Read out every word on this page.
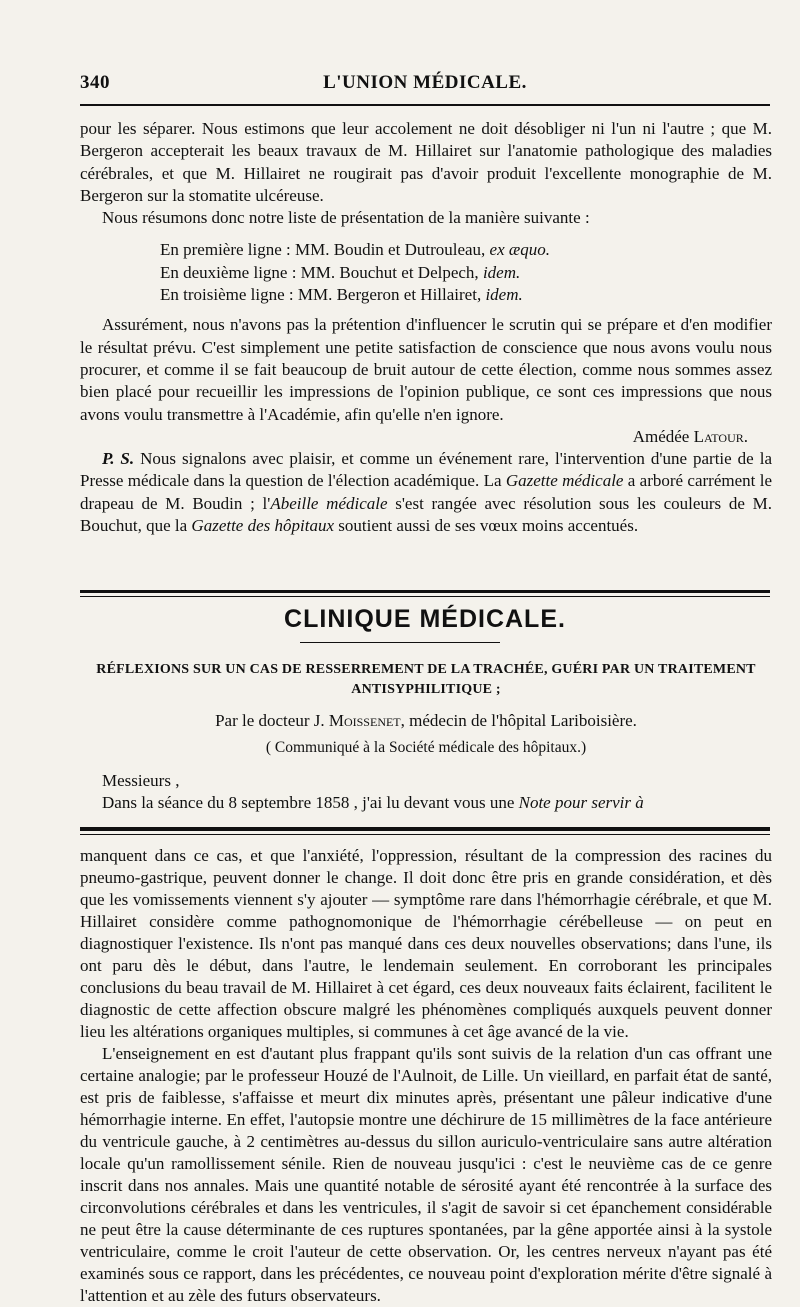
340	L'UNION MÉDICALE.

pour les séparer. Nous estimons que leur accolement ne doit désobliger ni l'un ni l'autre ; que M. Bergeron accepterait les beaux travaux de M. Hillairet sur l'anatomie pathologique des maladies cérébrales, et que M. Hillairet ne rougirait pas d'avoir produit l'excellente monographie de M. Bergeron sur la stomatite ulcéreuse.

Nous résumons donc notre liste de présentation de la manière suivante :

En première ligne : MM. Boudin et Dutrouleau, ex æquo.

En deuxième ligne : MM. Bouchut et Delpech, idem.

En troisième ligne : MM. Bergeron et Hillairet, idem.

Assurément, nous n'avons pas la prétention d'influencer le scrutin qui se prépare et d'en modifier le résultat prévu. C'est simplement une petite satisfaction de conscience que nous avons voulu nous procurer, et comme il se fait beaucoup de bruit autour de cette élection, comme nous sommes assez bien placé pour recueillir les impressions de l'opinion publique, ce sont ces impressions que nous avons voulu transmettre à l'Académie, afin qu'elle n'en ignore.

Amédée Latour.

P. S. Nous signalons avec plaisir, et comme un événement rare, l'intervention d'une partie de la Presse médicale dans la question de l'élection académique. La Gazette médicale a arboré carrément le drapeau de M. Boudin ; l'Abeille médicale s'est rangée avec résolution sous les couleurs de M. Bouchut, que la Gazette des hôpitaux soutient aussi de ses vœux moins accentués.

CLINIQUE MÉDICALE.
RÉFLEXIONS SUR UN CAS DE RESSERREMENT DE LA TRACHÉE, GUÉRI PAR UN TRAITEMENT ANTISYPHILITIQUE ;

Par le docteur J. Moissenet, médecin de l'hôpital Lariboisière.

( Communiqué à la Société médicale des hôpitaux.)

Messieurs ,

Dans la séance du 8 septembre 1858 , j'ai lu devant vous une Note pour servir à

manquent dans ce cas, et que l'anxiété, l'oppression, résultant de la compression des racines du pneumo-gastrique, peuvent donner le change. Il doit donc être pris en grande considération, et dès que les vomissements viennent s'y ajouter — symptôme rare dans l'hémorrhagie cérébrale, et que M. Hillairet considère comme pathognomonique de l'hémorrhagie cérébelleuse — on peut en diagnostiquer l'existence. Ils n'ont pas manqué dans ces deux nouvelles observations; dans l'une, ils ont paru dès le début, dans l'autre, le lendemain seulement. En corroborant les principales conclusions du beau travail de M. Hillairet à cet égard, ces deux nouveaux faits éclairent, facilitent le diagnostic de cette affection obscure malgré les phénomènes compliqués auxquels peuvent donner lieu les altérations organiques multiples, si communes à cet âge avancé de la vie.

L'enseignement en est d'autant plus frappant qu'ils sont suivis de la relation d'un cas offrant une certaine analogie; par le professeur Houzé de l'Aulnoit, de Lille. Un vieillard, en parfait état de santé, est pris de faiblesse, s'affaisse et meurt dix minutes après, présentant une pâleur indicative d'une hémorrhagie interne. En effet, l'autopsie montre une déchirure de 15 millimètres de la face antérieure du ventricule gauche, à 2 centimètres au-dessus du sillon auriculo-ventriculaire sans autre altération locale qu'un ramollissement sénile. Rien de nouveau jusqu'ici : c'est le neuvième cas de ce genre inscrit dans nos annales. Mais une quantité notable de sérosité ayant été rencontrée à la surface des circonvolutions cérébrales et dans les ventricules, il s'agit de savoir si cet épanchement considérable ne peut être la cause déterminante de ces ruptures spontanées, par la gêne apportée ainsi à la systole ventriculaire, comme le croit l'auteur de cette observation. Or, les centres nerveux n'ayant pas été examinés sous ce rapport, dans les précédentes, ce nouveau point d'exploration mérite d'être signalé à l'attention et au zèle des futurs observateurs.
